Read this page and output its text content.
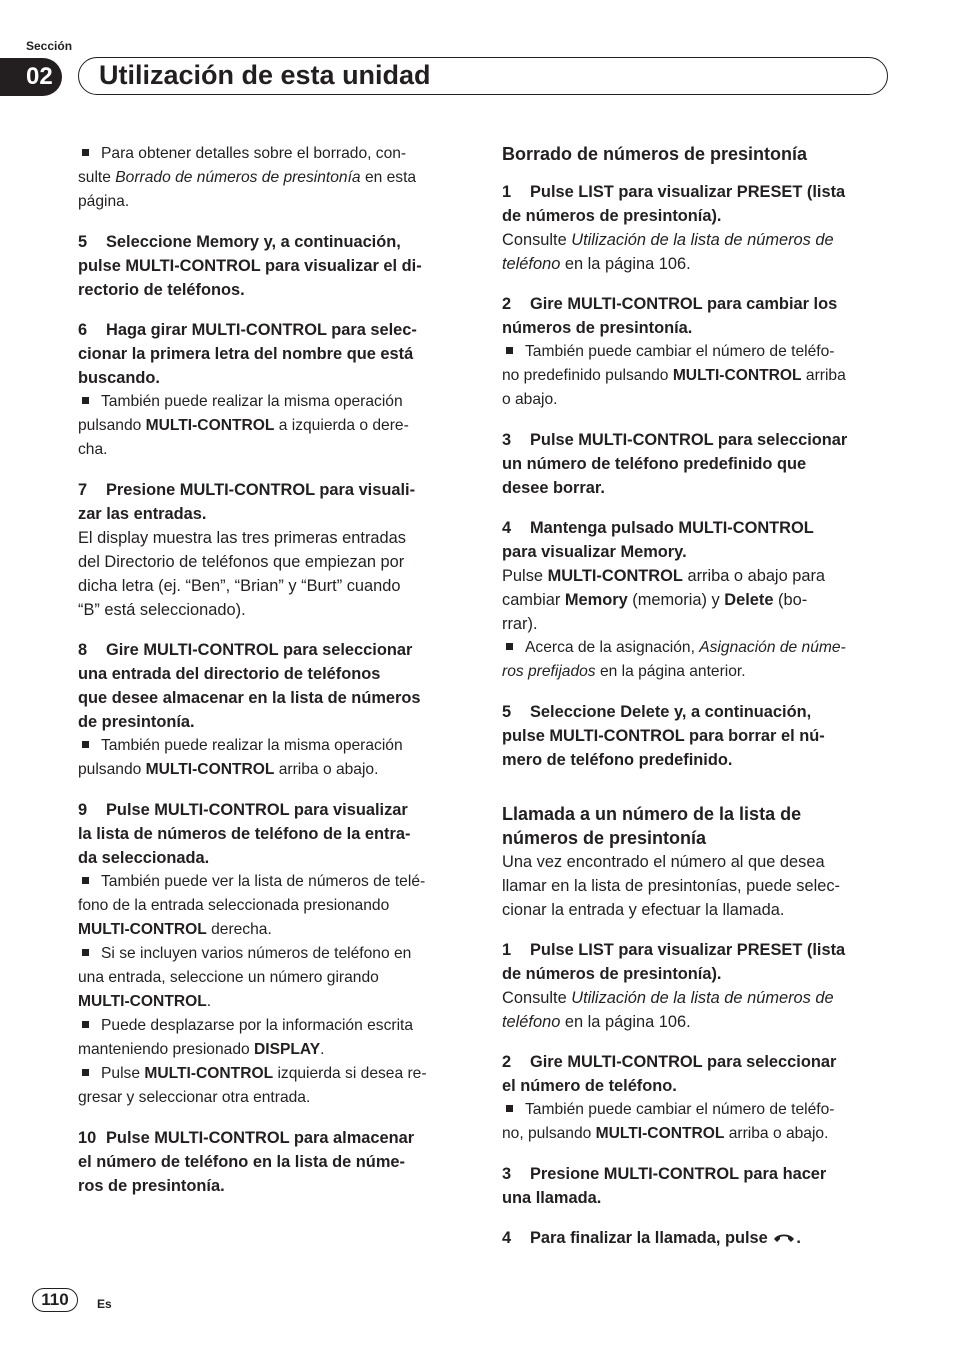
Sección
02	Utilización de esta unidad

Para obtener detalles sobre el borrado, con-
sulte Borrado de números de presintonía en esta
página.

5 Seleccione Memory y, a continuación,
pulse MULTI-CONTROL para visualizar el di-
rectorio de teléfonos.

6 Haga girar MULTI-CONTROL para selec-
cionar la primera letra del nombre que está
buscando.

También puede realizar la misma operación
pulsando MULTI-CONTROL a izquierda o dere-
cha.

7 Presione MULTI-CONTROL para visuali-
zar las entradas.

El display muestra las tres primeras entradas
del Directorio de teléfonos que empiezan por
dicha letra (ej. “Ben”, “Brian” y “Burt” cuando
“B” está seleccionado).

8 Gire MULTI-CONTROL para seleccionar
una entrada del directorio de teléfonos
que desee almacenar en la lista de números
de presintonía.

También puede realizar la misma operación
pulsando MULTI-CONTROL arriba o abajo.

9 Pulse MULTI-CONTROL para visualizar
la lista de números de teléfono de la entra-
da seleccionada.

También puede ver la lista de números de telé-
fono de la entrada seleccionada presionando
MULTI-CONTROL derecha.

Si se incluyen varios números de teléfono en
una entrada, seleccione un número girando
MULTI-CONTROL.

Puede desplazarse por la información escrita
manteniendo presionado DISPLAY.

Pulse MULTI-CONTROL izquierda si desea re-
gresar y seleccionar otra entrada.

10 Pulse MULTI-CONTROL para almacenar
el número de teléfono en la lista de núme-
ros de presintonía.

Borrado de números de presintonía

1 Pulse LIST para visualizar PRESET (lista
de números de presintonía).

Consulte Utilización de la lista de números de
teléfono en la página 106.

2 Gire MULTI-CONTROL para cambiar los
números de presintonía.

También puede cambiar el número de teléfo-
no predefinido pulsando MULTI-CONTROL arriba
o abajo.

3 Pulse MULTI-CONTROL para seleccionar
un número de teléfono predefinido que
desee borrar.

4 Mantenga pulsado MULTI-CONTROL
para visualizar Memory.

Pulse MULTI-CONTROL arriba o abajo para
cambiar Memory (memoria) y Delete (bo-
rrar).

Acerca de la asignación, Asignación de núme-
ros prefijados en la página anterior.

5 Seleccione Delete y, a continuación,
pulse MULTI-CONTROL para borrar el nú-
mero de teléfono predefinido.

Llamada a un número de la lista de
números de presintonía

Una vez encontrado el número al que desea
llamar en la lista de presintonías, puede selec-
cionar la entrada y efectuar la llamada.

1 Pulse LIST para visualizar PRESET (lista
de números de presintonía).

Consulte Utilización de la lista de números de
teléfono en la página 106.

2 Gire MULTI-CONTROL para seleccionar
el número de teléfono.

También puede cambiar el número de teléfo-
no, pulsando MULTI-CONTROL arriba o abajo.

3 Presione MULTI-CONTROL para hacer
una llamada.

4 Para finalizar la llamada, pulse .

110	Es
